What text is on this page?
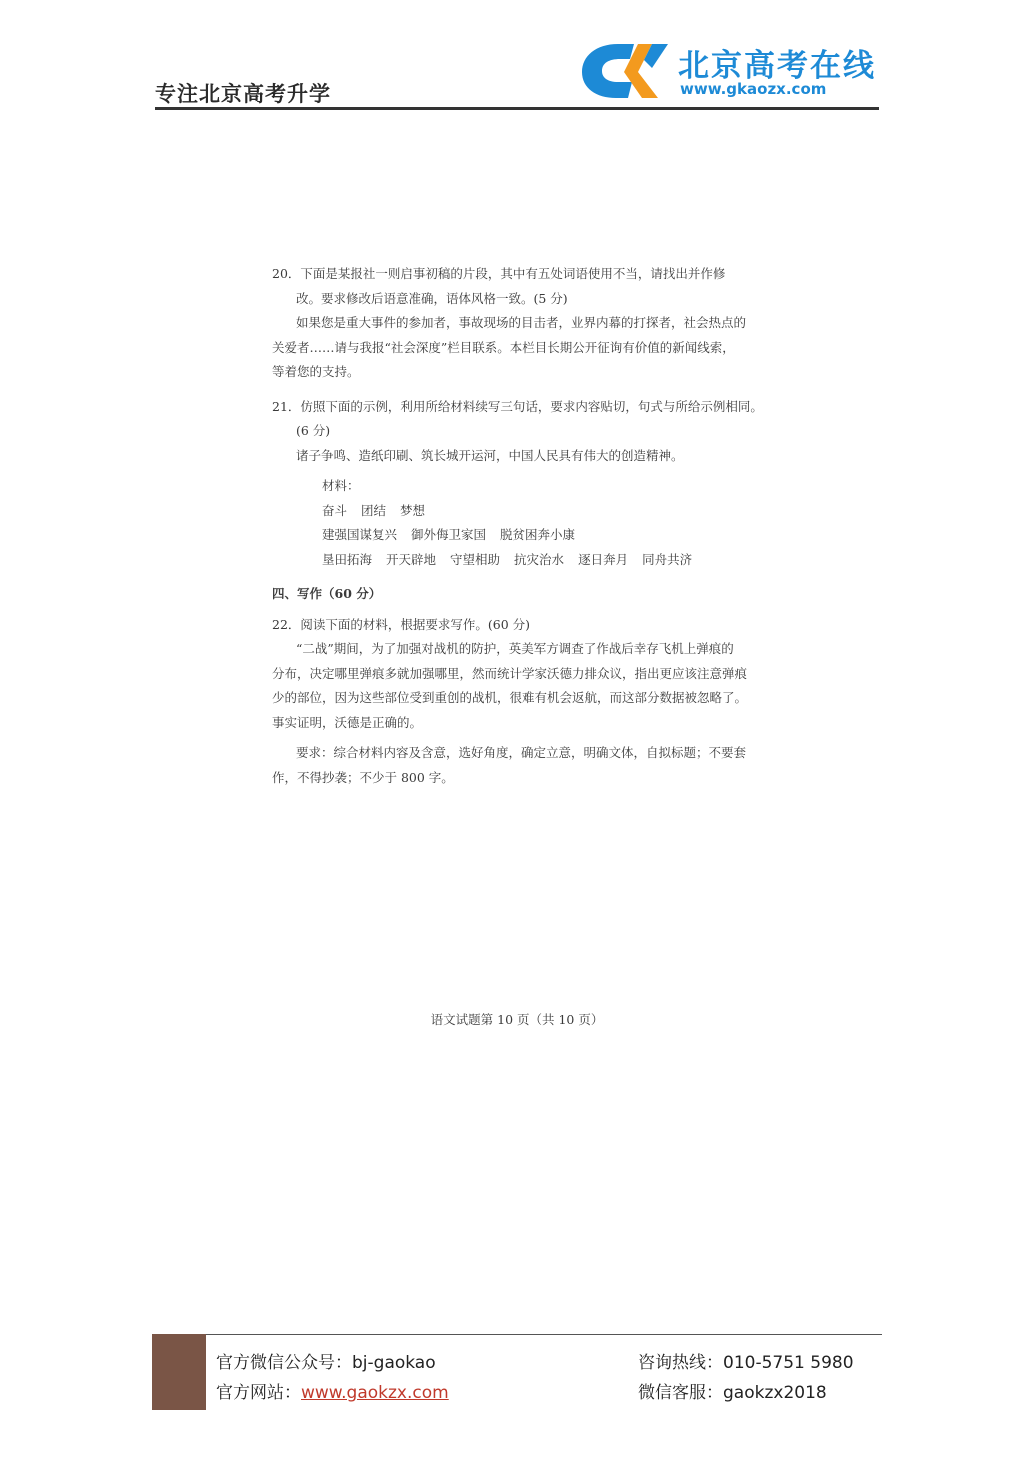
专注北京高考升学
北京高考在线
www.gkaozx.com

20．下面是某报社一则启事初稿的片段，其中有五处词语使用不当，请找出并作修

改。要求修改后语意准确，语体风格一致。(5 分)

如果您是重大事件的参加者，事故现场的目击者，业界内幕的打探者，社会热点的

关爱者……请与我报“社会深度”栏目联系。本栏目长期公开征询有价值的新闻线索，

等着您的支持。

21．仿照下面的示例，利用所给材料续写三句话，要求内容贴切，句式与所给示例相同。

(6 分)

诸子争鸣、造纸印刷、筑长城开运河，中国人民具有伟大的创造精神。

材料：

奋斗 团结 梦想

建强国谋复兴 御外侮卫家国 脱贫困奔小康

垦田拓海 开天辟地 守望相助 抗灾治水 逐日奔月 同舟共济

四、写作（60 分）

22．阅读下面的材料，根据要求写作。(60 分)

“二战”期间，为了加强对战机的防护，英美军方调查了作战后幸存飞机上弹痕的

分布，决定哪里弹痕多就加强哪里，然而统计学家沃德力排众议，指出更应该注意弹痕

少的部位，因为这些部位受到重创的战机，很难有机会返航，而这部分数据被忽略了。

事实证明，沃德是正确的。

要求：综合材料内容及含意，选好角度，确定立意，明确文体，自拟标题；不要套

作，不得抄袭；不少于 800 字。

语文试题第 10 页（共 10 页）
官方微信公众号：bj-gaokao
官方网站：www.gaokzx.com
咨询热线：010-5751 5980
微信客服：gaokzx2018
